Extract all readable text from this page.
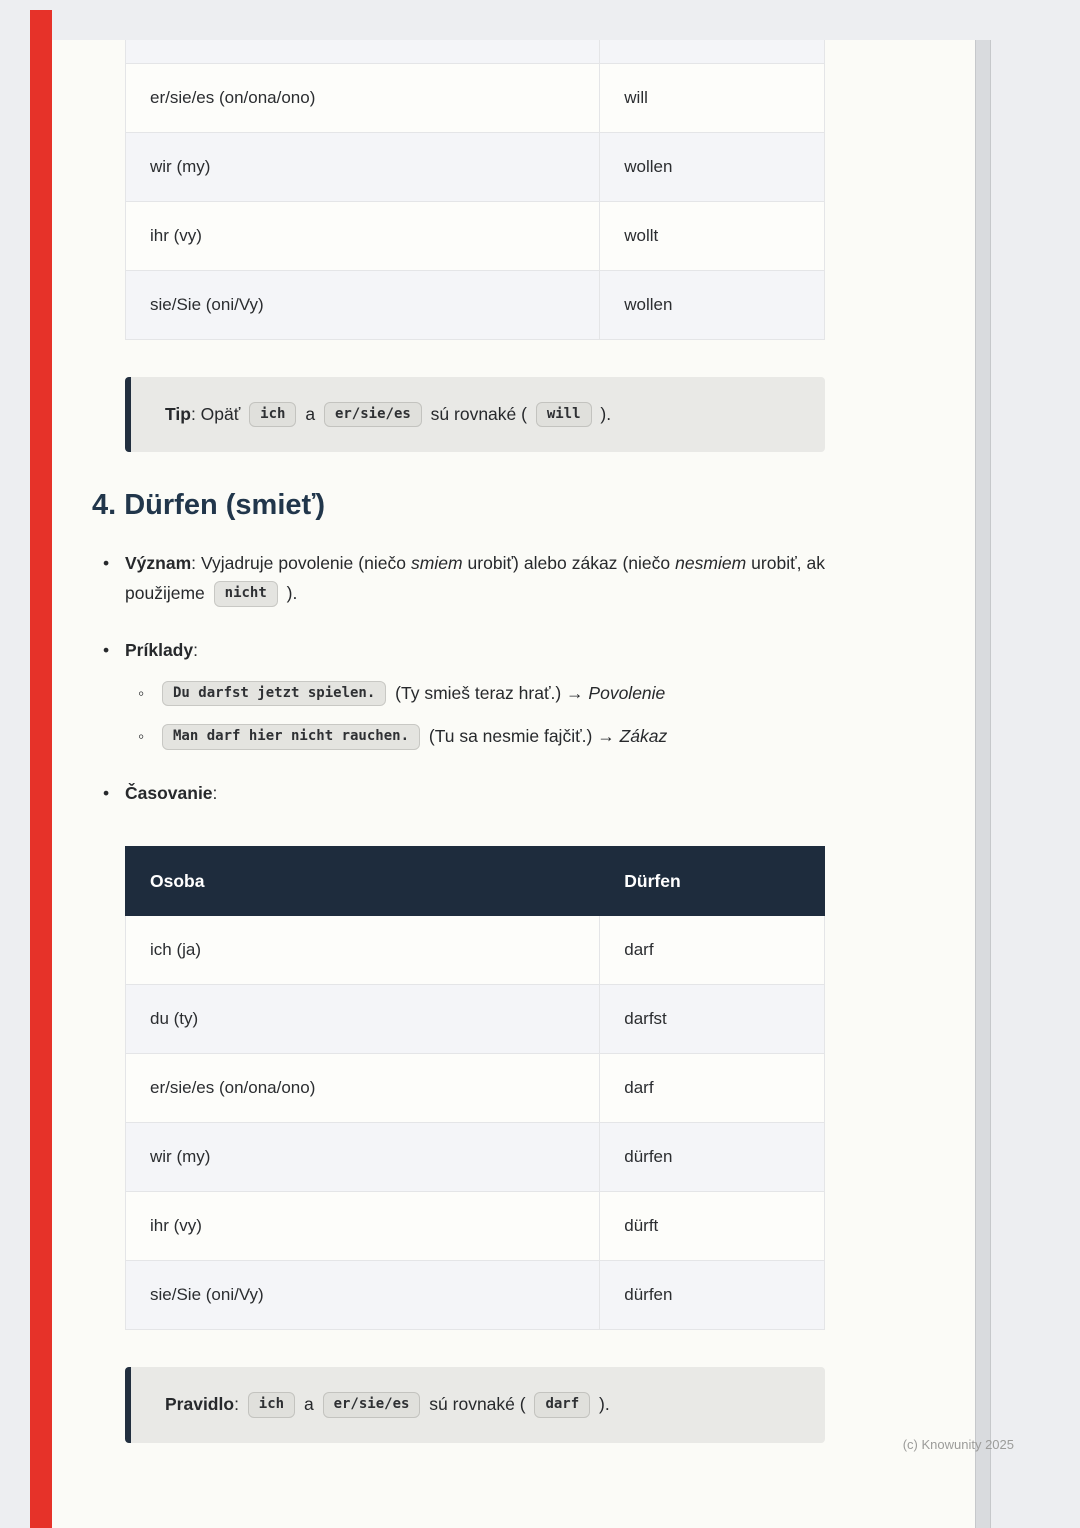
er/sie/es (on/ona/ono)	will
wir (my)	wollen
ihr (vy)	wollt
sie/Sie (oni/Vy)	wollen

Tip: Opäť ich a er/sie/es sú rovnaké ( will ).

4. Dürfen (smieť)
• Význam: Vyjadruje povolenie (niečo smiem urobiť) alebo zákaz (niečo nesmiem urobiť, ak použijeme nicht ).
• Príklady:
◦ Du darfst jetzt spielen. (Ty smieš teraz hrať.) → Povolenie
◦ Man darf hier nicht rauchen. (Tu sa nesmie fajčiť.) → Zákaz
• Časovanie:
Osoba	Dürfen
ich (ja)	darf
du (ty)	darfst
er/sie/es (on/ona/ono)	darf
wir (my)	dürfen
ihr (vy)	dürft
sie/Sie (oni/Vy)	dürfen

Pravidlo: ich a er/sie/es sú rovnaké ( darf ).

(c) Knowunity 2025
